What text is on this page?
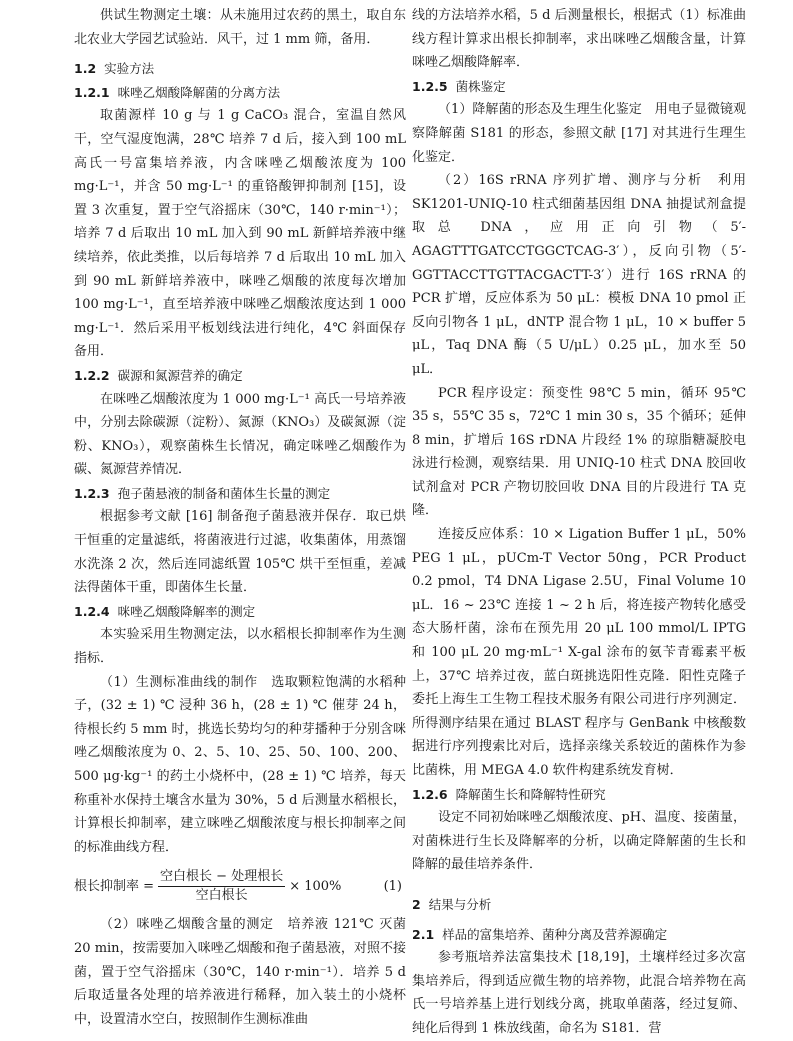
供试生物测定土壤：从未施用过农药的黑土，取自东北农业大学园艺试验站．风干，过 1 mm 筛，备用．

1.2 实验方法

1.2.1 咪唑乙烟酸降解菌的分离方法

取菌源样 10 g 与 1 g CaCO₃ 混合，室温自然风干，空气湿度饱满，28℃ 培养 7 d 后，接入到 100 mL 高氏一号富集培养液，内含咪唑乙烟酸浓度为 100 mg·L⁻¹，并含 50 mg·L⁻¹ 的重铬酸钾抑制剂 [15]，设置 3 次重复，置于空气浴摇床（30℃，140 r·min⁻¹）；培养 7 d 后取出 10 mL 加入到 90 mL 新鲜培养液中继续培养，依此类推，以后每培养 7 d 后取出 10 mL 加入到 90 mL 新鲜培养液中，咪唑乙烟酸的浓度每次增加 100 mg·L⁻¹，直至培养液中咪唑乙烟酸浓度达到 1 000 mg·L⁻¹．然后采用平板划线法进行纯化，4℃ 斜面保存备用．

1.2.2 碳源和氮源营养的确定

在咪唑乙烟酸浓度为 1 000 mg·L⁻¹ 高氏一号培养液中，分别去除碳源（淀粉）、氮源（KNO₃）及碳氮源（淀粉、KNO₃），观察菌株生长情况，确定咪唑乙烟酸作为碳、氮源营养情况．

1.2.3 孢子菌悬液的制备和菌体生长量的测定

根据参考文献 [16] 制备孢子菌悬液并保存．取已烘干恒重的定量滤纸，将菌液进行过滤，收集菌体，用蒸馏水洗涤 2 次，然后连同滤纸置 105℃ 烘干至恒重，差减法得菌体干重，即菌体生长量．

1.2.4 咪唑乙烟酸降解率的测定

本实验采用生物测定法，以水稻根长抑制率作为生测指标．

（1）生测标准曲线的制作　选取颗粒饱满的水稻种子，(32 ± 1) ℃ 浸种 36 h，(28 ± 1) ℃ 催芽 24 h，待根长约 5 mm 时，挑选长势均匀的种芽播种于分别含咪唑乙烟酸浓度为 0、2、5、10、25、50、100、200、500 μg·kg⁻¹ 的药土小烧杯中，(28 ± 1) ℃ 培养，每天称重补水保持土壤含水量为 30%，5 d 后测量水稻根长，计算根长抑制率，建立咪唑乙烟酸浓度与根长抑制率之间的标准曲线方程．

根长抑制率 = $\frac{\text{空白根长 − 处理根长}}{\text{空白根长}} \times 100\%$	(1)

（2）咪唑乙烟酸含量的测定　培养液 121℃ 灭菌 20 min，按需要加入咪唑乙烟酸和孢子菌悬液，对照不接菌，置于空气浴摇床（30℃，140 r·min⁻¹）．培养 5 d 后取适量各处理的培养液进行稀释，加入装土的小烧杯中，设置清水空白，按照制作生测标准曲

线的方法培养水稻，5 d 后测量根长，根据式（1）标准曲线方程计算求出根长抑制率，求出咪唑乙烟酸含量，计算咪唑乙烟酸降解率．

1.2.5 菌株鉴定

（1）降解菌的形态及生理生化鉴定　用电子显微镜观察降解菌 S181 的形态，参照文献 [17] 对其进行生理生化鉴定．

（2）16S rRNA 序列扩增、测序与分析　利用 SK1201-UNIQ-10 柱式细菌基因组 DNA 抽提试剂盒提取总 DNA，应用正向引物（5′-AGAGTTTGATCCTGGCTCAG-3′），反向引物（5′-GGTTACCTTGTTACGACTT-3′）进行 16S rRNA 的 PCR 扩增，反应体系为 50 μL：模板 DNA 10 pmol 正反向引物各 1 μL，dNTP 混合物 1 μL，10 × buffer 5 μL，Taq DNA 酶（5 U/μL）0.25 μL，加水至 50 μL．

PCR 程序设定：预变性 98℃ 5 min，循环 95℃ 35 s，55℃ 35 s，72℃ 1 min 30 s，35 个循环；延伸 8 min，扩增后 16S rDNA 片段经 1% 的琼脂糖凝胶电泳进行检测，观察结果．用 UNIQ-10 柱式 DNA 胶回收试剂盒对 PCR 产物切胶回收 DNA 目的片段进行 TA 克隆．

连接反应体系：10 × Ligation Buffer 1 μL，50% PEG 1 μL，pUCm-T Vector 50ng，PCR Product 0.2 pmol，T4 DNA Ligase 2.5U，Final Volume 10 μL．16 ~ 23℃ 连接 1 ~ 2 h 后，将连接产物转化感受态大肠杆菌，涂布在预先用 20 μL 100 mmol/L IPTG 和 100 μL 20 mg·mL⁻¹ X-gal 涂布的氨苄青霉素平板上，37℃ 培养过夜，蓝白斑挑选阳性克隆．阳性克隆子委托上海生工生物工程技术服务有限公司进行序列测定．所得测序结果在通过 BLAST 程序与 GenBank 中核酸数据进行序列搜索比对后，选择亲缘关系较近的菌株作为参比菌株，用 MEGA 4.0 软件构建系统发育树．

1.2.6 降解菌生长和降解特性研究

设定不同初始咪唑乙烟酸浓度、pH、温度、接菌量，对菌株进行生长及降解率的分析，以确定降解菌的生长和降解的最佳培养条件．

2 结果与分析

2.1 样品的富集培养、菌种分离及营养源确定

参考瓶培养法富集技术 [18,19]，土壤样经过多次富集培养后，得到适应微生物的培养物，此混合培养物在高氏一号培养基上进行划线分离，挑取单菌落，经过复筛、纯化后得到 1 株放线菌，命名为 S181．营
